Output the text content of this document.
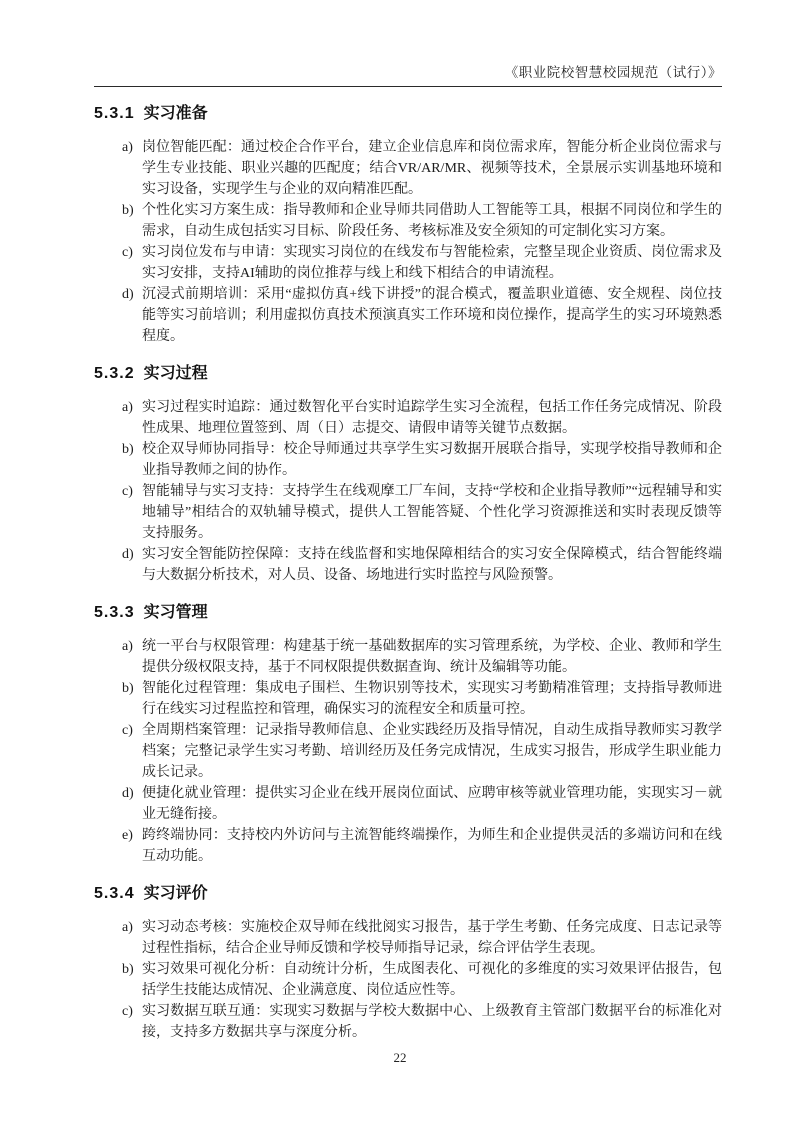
《职业院校智慧校园规范（试行）》
5.3.1 实习准备
a) 岗位智能匹配：通过校企合作平台，建立企业信息库和岗位需求库，智能分析企业岗位需求与学生专业技能、职业兴趣的匹配度；结合VR/AR/MR、视频等技术，全景展示实训基地环境和实习设备，实现学生与企业的双向精准匹配。
b) 个性化实习方案生成：指导教师和企业导师共同借助人工智能等工具，根据不同岗位和学生的需求，自动生成包括实习目标、阶段任务、考核标准及安全须知的可定制化实习方案。
c) 实习岗位发布与申请：实现实习岗位的在线发布与智能检索，完整呈现企业资质、岗位需求及实习安排，支持AI辅助的岗位推荐与线上和线下相结合的申请流程。
d) 沉浸式前期培训：采用“虚拟仿真+线下讲授”的混合模式，覆盖职业道德、安全规程、岗位技能等实习前培训；利用虚拟仿真技术预演真实工作环境和岗位操作，提高学生的实习环境熟悉程度。
5.3.2 实习过程
a) 实习过程实时追踪：通过数智化平台实时追踪学生实习全流程，包括工作任务完成情况、阶段性成果、地理位置签到、周（日）志提交、请假申请等关键节点数据。
b) 校企双导师协同指导：校企导师通过共享学生实习数据开展联合指导，实现学校指导教师和企业指导教师之间的协作。
c) 智能辅导与实习支持：支持学生在线观摩工厂车间，支持“学校和企业指导教师”“远程辅导和实地辅导”相结合的双轨辅导模式，提供人工智能答疑、个性化学习资源推送和实时表现反馈等支持服务。
d) 实习安全智能防控保障：支持在线监督和实地保障相结合的实习安全保障模式，结合智能终端与大数据分析技术，对人员、设备、场地进行实时监控与风险预警。
5.3.3 实习管理
a) 统一平台与权限管理：构建基于统一基础数据库的实习管理系统，为学校、企业、教师和学生提供分级权限支持，基于不同权限提供数据查询、统计及编辑等功能。
b) 智能化过程管理：集成电子围栏、生物识别等技术，实现实习考勤精准管理；支持指导教师进行在线实习过程监控和管理，确保实习的流程安全和质量可控。
c) 全周期档案管理：记录指导教师信息、企业实践经历及指导情况，自动生成指导教师实习教学档案；完整记录学生实习考勤、培训经历及任务完成情况，生成实习报告，形成学生职业能力成长记录。
d) 便捷化就业管理：提供实习企业在线开展岗位面试、应聘审核等就业管理功能，实现实习－就业无缝衔接。
e) 跨终端协同：支持校内外访问与主流智能终端操作，为师生和企业提供灵活的多端访问和在线互动功能。
5.3.4 实习评价
a) 实习动态考核：实施校企双导师在线批阅实习报告，基于学生考勤、任务完成度、日志记录等过程性指标，结合企业导师反馈和学校导师指导记录，综合评估学生表现。
b) 实习效果可视化分析：自动统计分析，生成图表化、可视化的多维度的实习效果评估报告，包括学生技能达成情况、企业满意度、岗位适应性等。
c) 实习数据互联互通：实现实习数据与学校大数据中心、上级教育主管部门数据平台的标准化对接，支持多方数据共享与深度分析。
22
